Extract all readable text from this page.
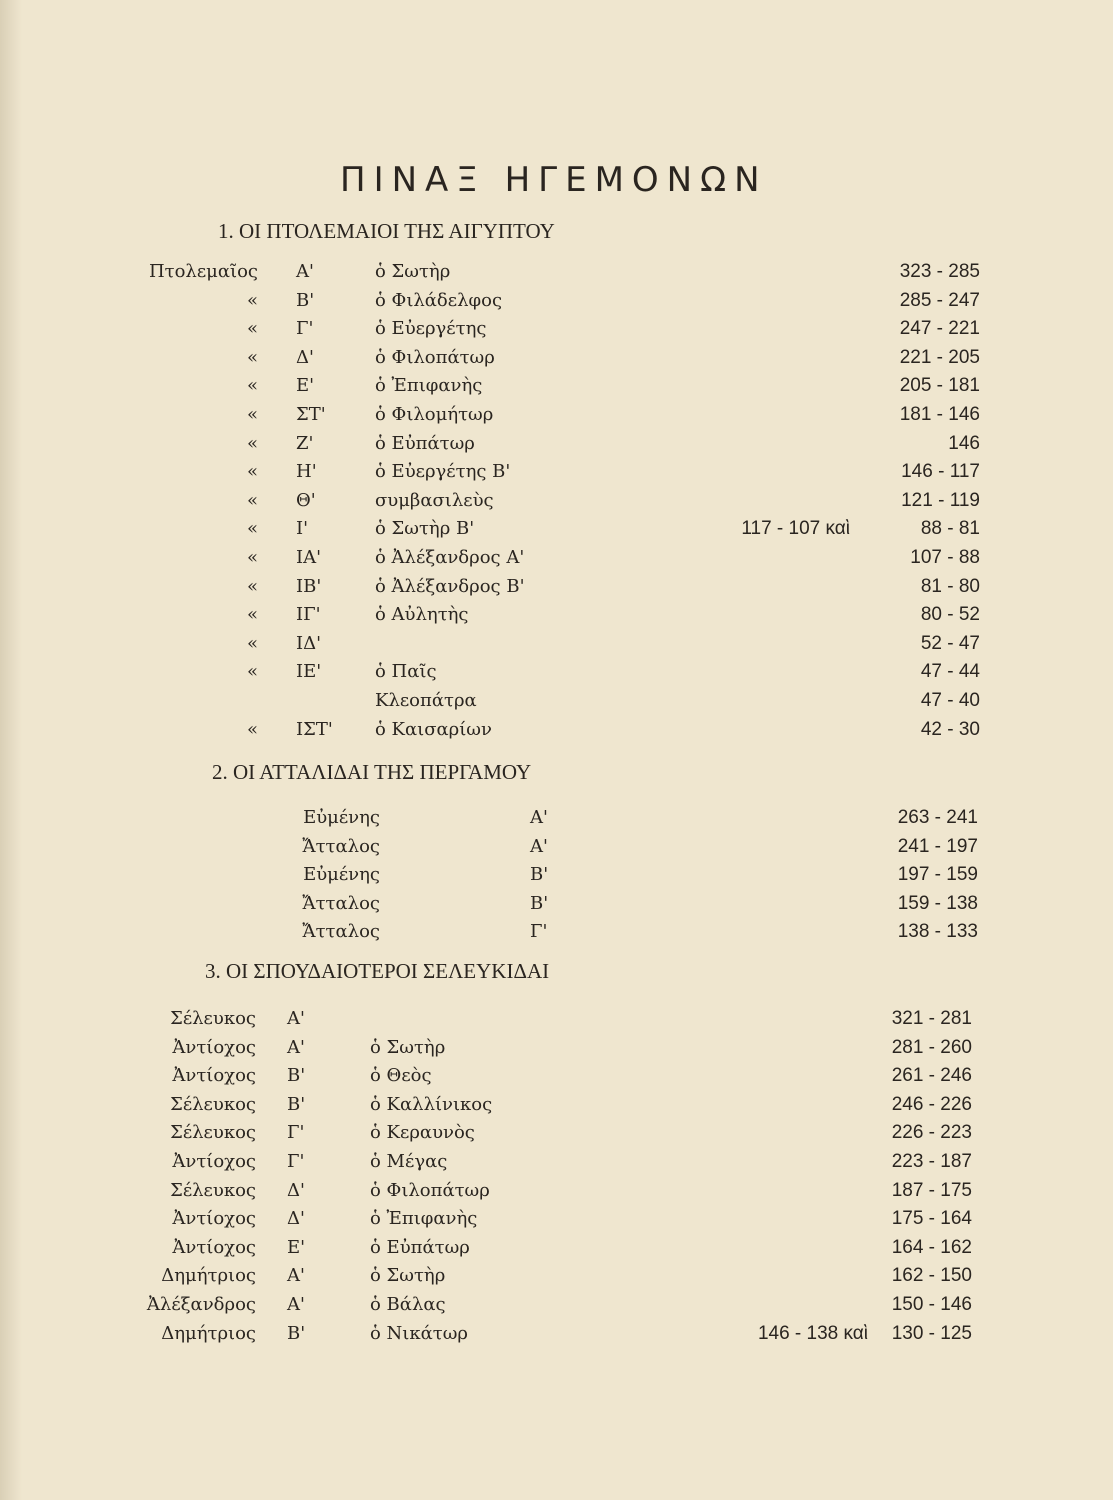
ΠΙΝΑΞ ΗΓΕΜΟΝΩΝ
1. ΟΙ ΠΤΟΛΕΜΑΙΟΙ ΤΗΣ ΑΙΓΥΠΤΟΥ
Πτολεμαῖος Α'	ὁ Σωτὴρ	323 - 285
« Β'	ὁ Φιλάδελφος	285 - 247
« Γ'	ὁ Εὐεργέτης	247 - 221
« Δ'	ὁ Φιλοπάτωρ	221 - 205
« Ε'	ὁ Ἐπιφανὴς	205 - 181
« ΣΤ'	ὁ Φιλομήτωρ	181 - 146
« Ζ'	ὁ Εὐπάτωρ	146
« Η'	ὁ Εὐεργέτης Β'	146 - 117
« Θ'	συμβασιλεὺς	121 - 119
« Ι'	ὁ Σωτὴρ Β'	117 - 107 καὶ	88 - 81
« ΙΑ'	ὁ Ἀλέξανδρος Α'	107 - 88
« ΙΒ'	ὁ Ἀλέξανδρος Β'	81 - 80
« ΙΓ'	ὁ Αὐλητὴς	80 - 52
« ΙΔ'	52 - 47
« ΙΕ'	ὁ Παῖς	47 - 44
Κλεοπάτρα	47 - 40
« ΙΣΤ' ὁ Καισαρίων	42 - 30
2. ΟΙ ΑΤΤΑΛΙΔΑΙ ΤΗΣ ΠΕΡΓΑΜΟΥ
Εὐμένης	Α'	263 - 241
Ἄτταλος	Α'	241 - 197
Εὐμένης	Β'	197 - 159
Ἄτταλος	Β'	159 - 138
Ἄτταλος	Γ'	138 - 133
3. ΟΙ ΣΠΟΥΔΑΙΟΤΕΡΟΙ ΣΕΛΕΥΚΙΔΑΙ
Σέλευκος Α'	321 - 281
Ἀντίοχος Α'	ὁ Σωτὴρ	281 - 260
Ἀντίοχος Β'	ὁ Θεὸς	261 - 246
Σέλευκος Β'	ὁ Καλλίνικος	246 - 226
Σέλευκος Γ'	ὁ Κεραυνὸς	226 - 223
Ἀντίοχος Γ'	ὁ Μέγας	223 - 187
Σέλευκος Δ'	ὁ Φιλοπάτωρ	187 - 175
Ἀντίοχος Δ'	ὁ Ἐπιφανὴς	175 - 164
Ἀντίοχος Ε'	ὁ Εὐπάτωρ	164 - 162
Δημήτριος Α'	ὁ Σωτὴρ	162 - 150
Ἀλέξανδρος Α'	ὁ Βάλας	150 - 146
Δημήτριος Β'	ὁ Νικάτωρ	146 - 138 καὶ 130 - 125
